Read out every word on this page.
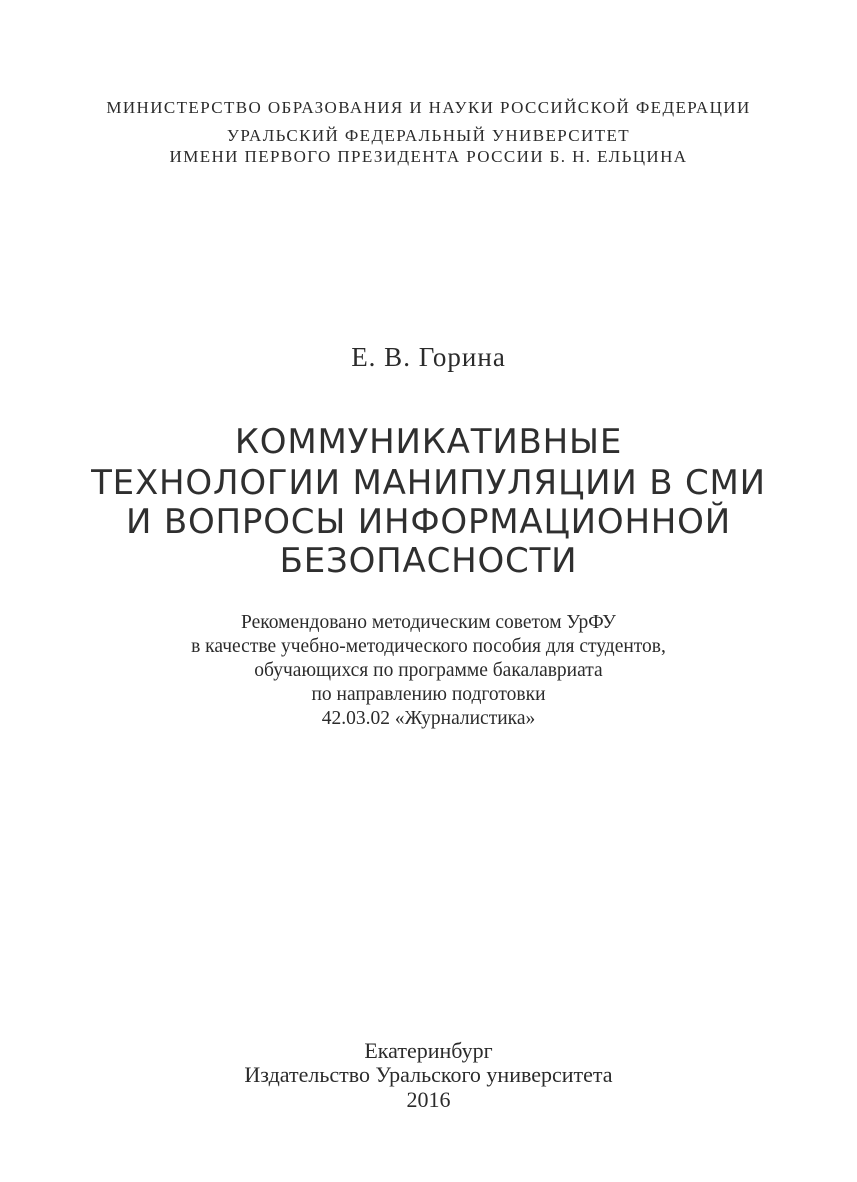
МИНИСТЕРСТВО ОБРАЗОВАНИЯ И НАУКИ РОССИЙСКОЙ ФЕДЕРАЦИИ
УРАЛЬСКИЙ ФЕДЕРАЛЬНЫЙ УНИВЕРСИТЕТ
ИМЕНИ ПЕРВОГО ПРЕЗИДЕНТА РОССИИ Б. Н. ЕЛЬЦИНА
Е. В. Горина
КОММУНИКАТИВНЫЕ
ТЕХНОЛОГИИ МАНИПУЛЯЦИИ В СМИ
И ВОПРОСЫ ИНФОРМАЦИОННОЙ
БЕЗОПАСНОСТИ
Рекомендовано методическим советом УрФУ
в качестве учебно-методического пособия для студентов,
обучающихся по программе бакалавриата
по направлению подготовки
42.03.02 «Журналистика»
Екатеринбург
Издательство Уральского университета
2016
